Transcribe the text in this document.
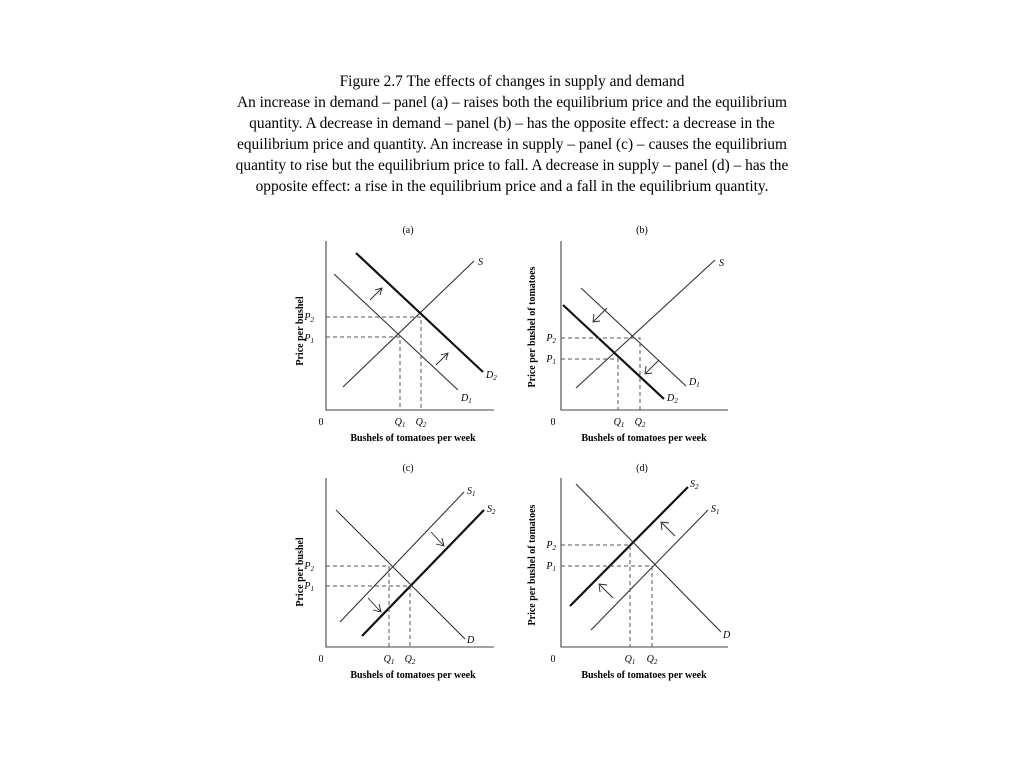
Figure 2.7 The effects of changes in supply and demand
An increase in demand – panel (a) – raises both the equilibrium price and the equilibrium
quantity. A decrease in demand – panel (b) – has the opposite effect: a decrease in the
equilibrium price and quantity. An increase in supply – panel (c) – causes the equilibrium
quantity to rise but the equilibrium price to fall. A decrease in supply – panel (d) – has the
opposite effect: a rise in the equilibrium price and a fall in the equilibrium quantity.
(a)
0
Price per bushel
Bushels of tomatoes per week
$P_2$
$P_1$
$Q_1$ $Q_2$
S
$D_1$
$D_2$
(b)
0
Price per bushel of tomatoes
Bushels of tomatoes per week
$P_2$
$P_1$
$Q_1$ $Q_2$
S
$D_1$
$D_2$
(c)
0
Price per bushel
Bushels of tomatoes per week
$P_2$
$P_1$
$Q_1$ $Q_2$
$S_1$
$S_2$
D
(d)
0
Price per bushel of tomatoes
Bushels of tomatoes per week
$P_2$
$P_1$
$Q_1$ $Q_2$
$S_2$
$S_1$
D
